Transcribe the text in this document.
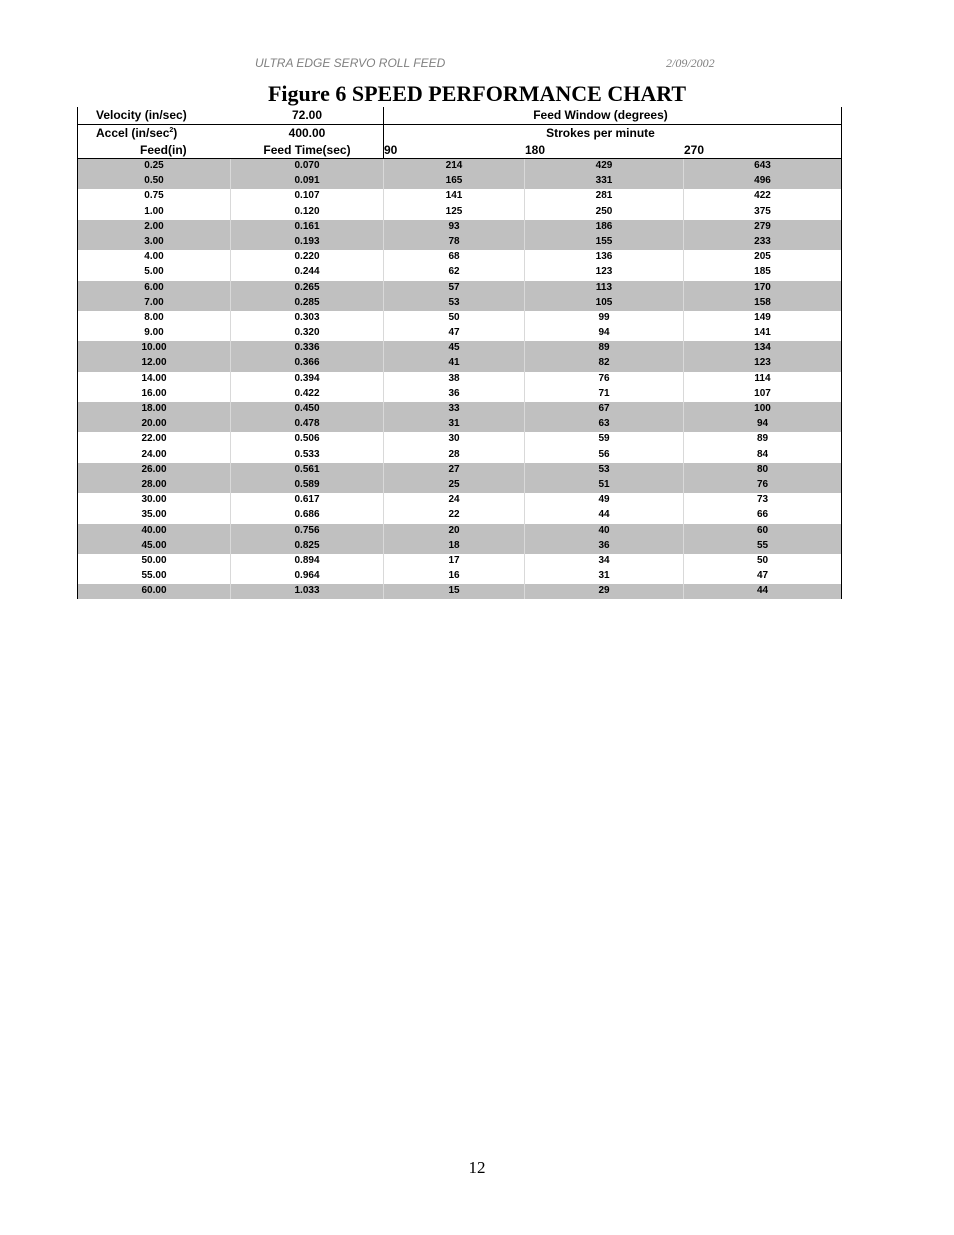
ULTRA EDGE SERVO ROLL FEED	2/09/2002
Figure 6 SPEED PERFORMANCE CHART
Velocity (in/sec)	72.00	Feed Window (degrees)
Accel $(in/\sec^2)$	400.00	Strokes per minute
Feed(in)	Feed Time(sec)	90	180	270
0.25	0.070	214	429	643
0.50	0.091	165	331	496
0.75	0.107	141	281	422
1.00	0.120	125	250	375
2.00	0.161	93	186	279
3.00	0.193	78	155	233
4.00	0.220	68	136	205
5.00	0.244	62	123	185
6.00	0.265	57	113	170
7.00	0.285	53	105	158
8.00	0.303	50	99	149
9.00	0.320	47	94	141
10.00	0.336	45	89	134
12.00	0.366	41	82	123
14.00	0.394	38	76	114
16.00	0.422	36	71	107
18.00	0.450	33	67	100
20.00	0.478	31	63	94
22.00	0.506	30	59	89
24.00	0.533	28	56	84
26.00	0.561	27	53	80
28.00	0.589	25	51	76
30.00	0.617	24	49	73
35.00	0.686	22	44	66
40.00	0.756	20	40	60
45.00	0.825	18	36	55
50.00	0.894	17	34	50
55.00	0.964	16	31	47
60.00	1.033	15	29	44
12
